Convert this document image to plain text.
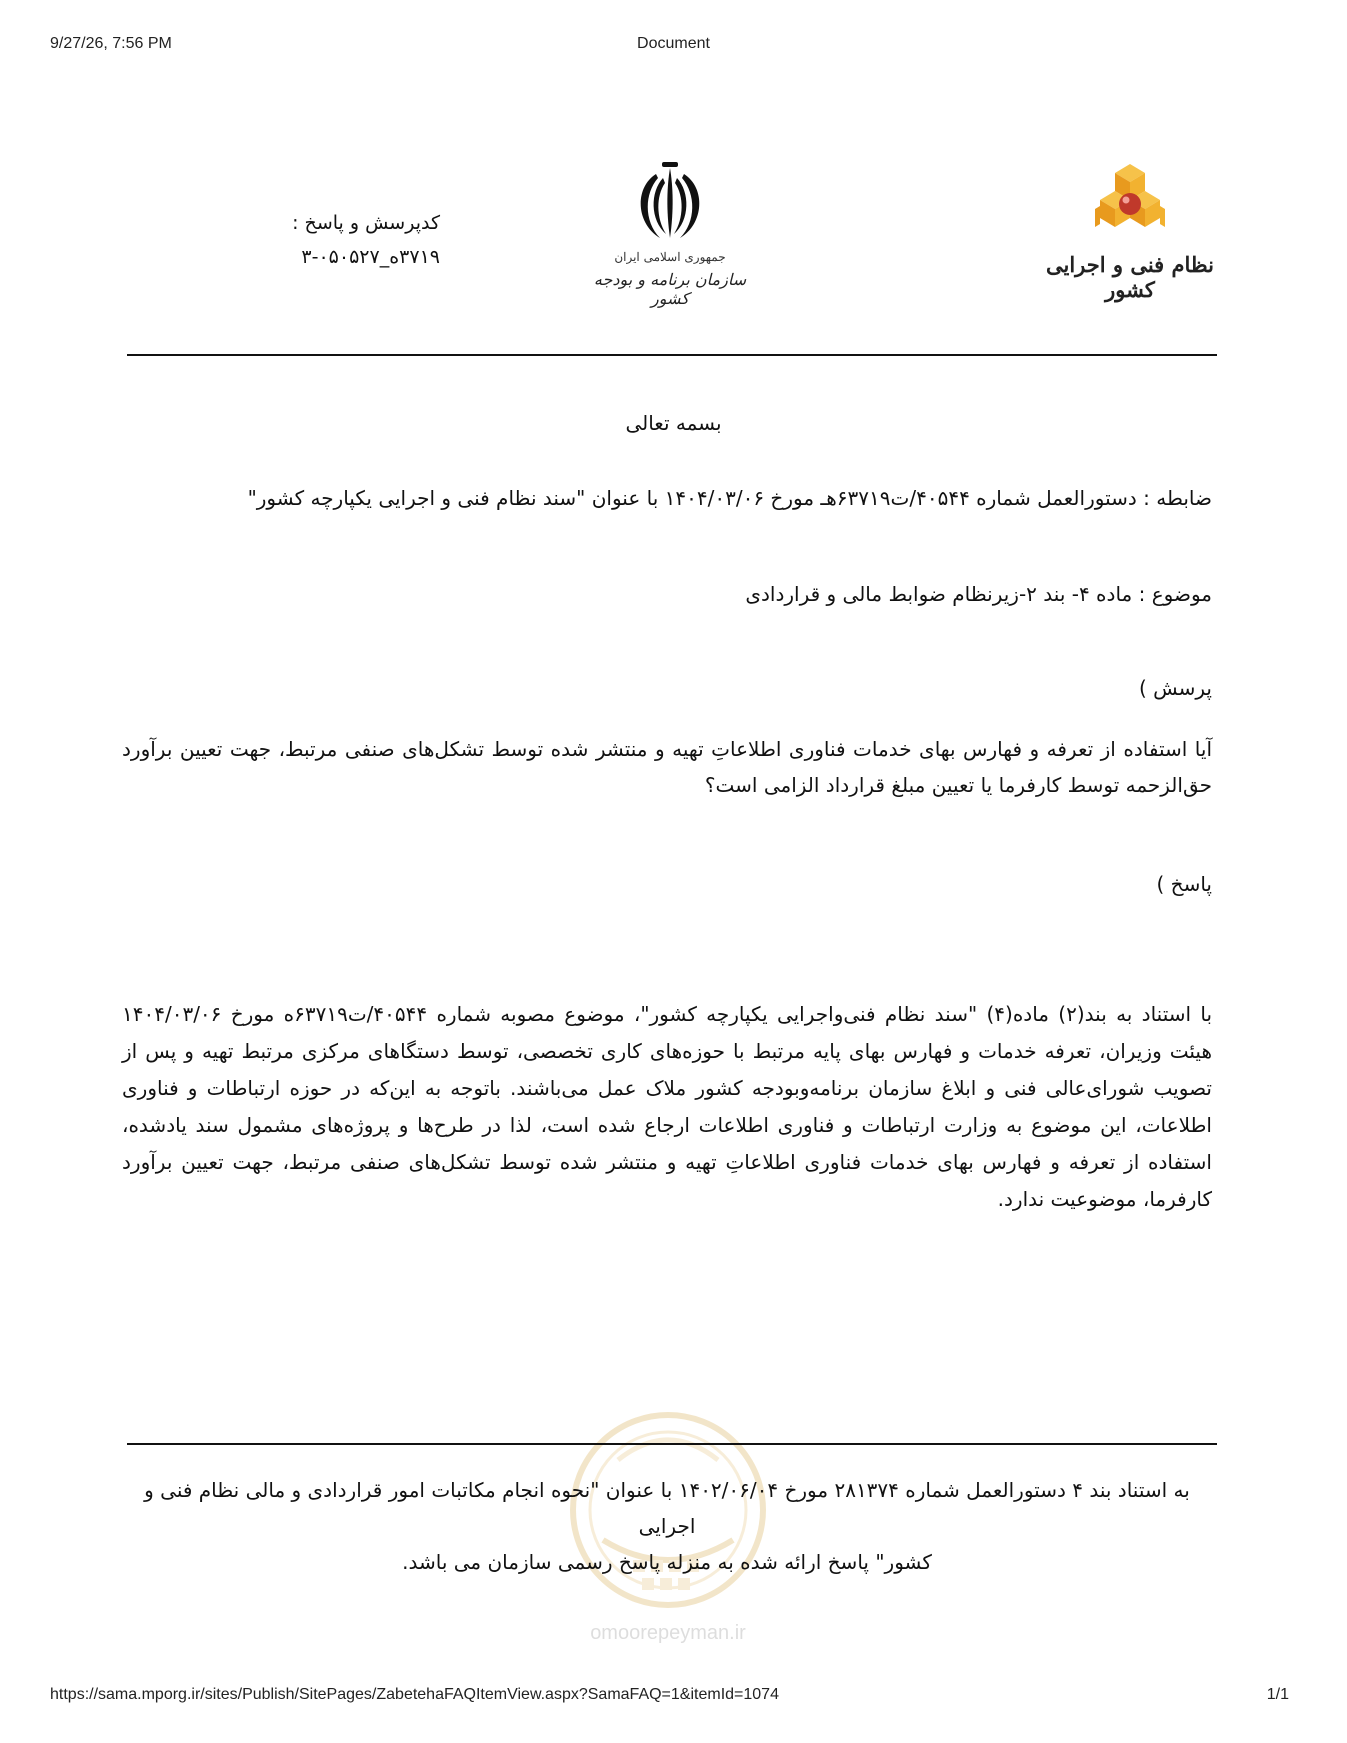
9/27/26, 7:56 PM	Document
نظام فنی و اجرایی کشور
جمهوری اسلامی ایران
سازمان برنامه و بودجه کشور
کدپرسش و پاسخ :
۳۷۱۹ه_۰۵۰۵۲۷-۳
بسمه تعالی
ضابطه : دستورالعمل شماره ۴۰۵۴۴/ت۶۳۷۱۹هـ مورخ ۱۴۰۴/۰۳/۰۶ با عنوان "سند نظام فنی و اجرایی یکپارچه کشور"
موضوع : ماده ۴- بند ۲-زیرنظام ضوابط مالی و قراردادی
پرسش )
آیا استفاده از تعرفه و فهارس بهای خدمات فناوری اطلاعاتِ تهیه و منتشر شده توسط تشکل‌های صنفی مرتبط، جهت تعیین برآورد حق‌الزحمه توسط کارفرما یا تعیین مبلغ قرارداد الزامی است؟
پاسخ )
با استناد به بند(۲) ماده(۴) "سند نظام فنی‌واجرایی یکپارچه کشور"، موضوع مصوبه شماره ۴۰۵۴۴/ت۶۳۷۱۹ه مورخ ۱۴۰۴/۰۳/۰۶ هیئت وزیران، تعرفه خدمات و فهارس بهای پایه مرتبط با حوزه‌های کاری تخصصی، توسط دستگاهای مرکزی مرتبط تهیه و پس از تصویب شورای‌عالی فنی و ابلاغ سازمان برنامه‌وبودجه کشور ملاک عمل می‌باشند. باتوجه به این‌که در حوزه ارتباطات و فناوری اطلاعات، این موضوع به وزارت ارتباطات و فناوری اطلاعات ارجاع شده است، لذا در طرح‌ها و پروژه‌های مشمول سند یادشده، استفاده از تعرفه و فهارس بهای خدمات فناوری اطلاعاتِ تهیه و منتشر شده توسط تشکل‌های صنفی مرتبط، جهت تعیین برآورد کارفرما، موضوعیت ندارد.
omoorepeyman.ir
به استناد بند ۴ دستورالعمل شماره ۲۸۱۳۷۴ مورخ ۱۴۰۲/۰۶/۰۴ با عنوان "نحوه انجام مکاتبات امور قراردادی و مالی نظام فنی و اجرایی
کشور" پاسخ ارائه شده به منزله پاسخ رسمی سازمان می باشد.
https://sama.mporg.ir/sites/Publish/SitePages/ZabetehaFAQItemView.aspx?SamaFAQ=1&itemId=1074	1/1
